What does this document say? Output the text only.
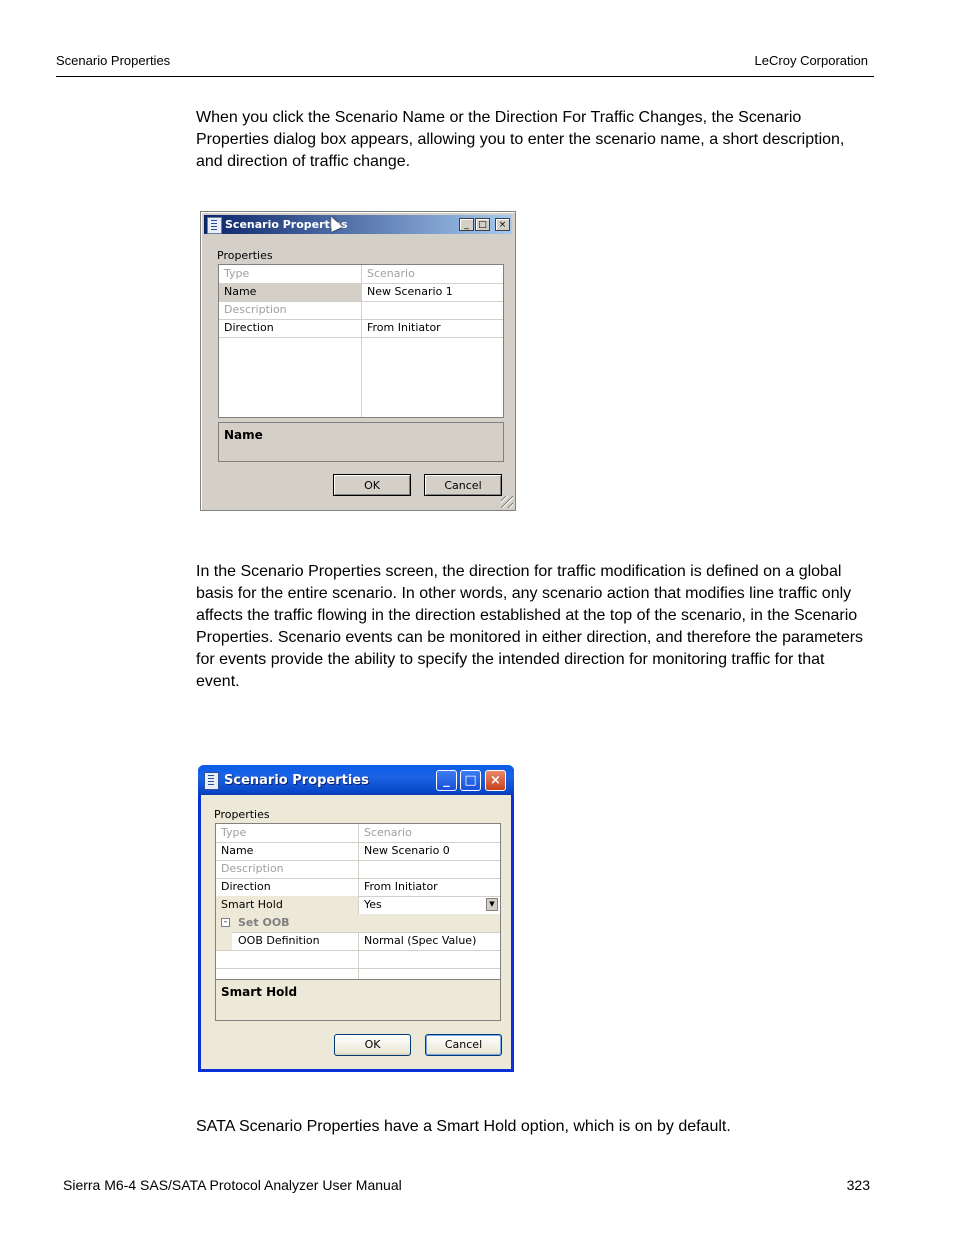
Scenario Properties	LeCroy Corporation
When you click the Scenario Name or the Direction For Traffic Changes, the Scenario Properties dialog box appears, allowing you to enter the scenario name, a short description, and direction of traffic change.
Scenario Properties	_	□	×
Properties
Type	Scenario
Name	New Scenario 1
Description
Direction	From Initiator
Name
OK	Cancel
In the Scenario Properties screen, the direction for traffic modification is defined on a global basis for the entire scenario. In other words, any scenario action that modifies line traffic only affects the traffic flowing in the direction established at the top of the scenario, in the Scenario Properties. Scenario events can be monitored in either direction, and therefore the parameters for events provide the ability to specify the intended direction for monitoring traffic for that event.
Scenario Properties	_	□	×
Properties
Type	Scenario
Name	New Scenario 0
Description
Direction	From Initiator
Smart Hold	Yes	▼
- Set OOB
OOB Definition	Normal (Spec Value)
Smart Hold
OK	Cancel
SATA Scenario Properties have a Smart Hold option, which is on by default.
Sierra M6-4 SAS/SATA Protocol Analyzer User Manual	323
